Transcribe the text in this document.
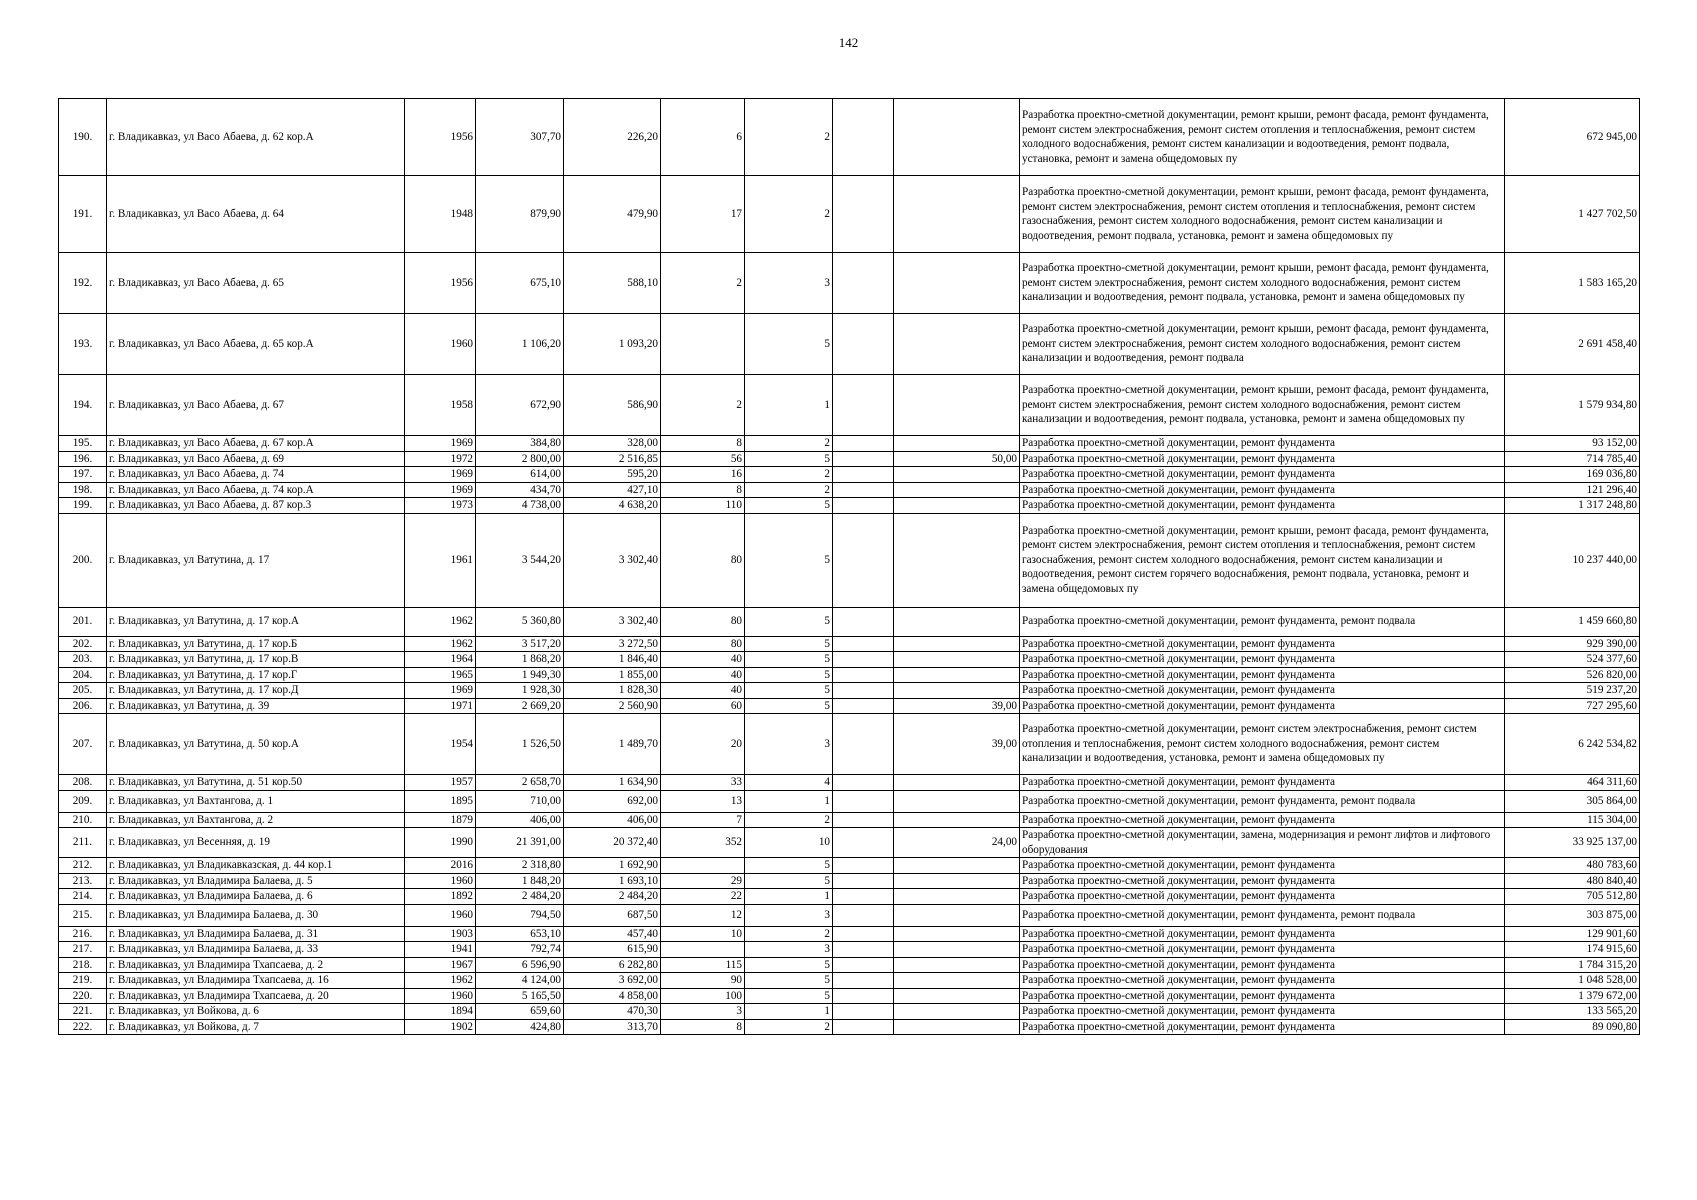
142
190.	г. Владикавказ, ул Васо Абаева, д. 62 кор.А	1956	307,70	226,20	6	2			Разработка проектно-сметной документации, ремонт крыши, ремонт фасада, ремонт фундамента, ремонт систем электроснабжения, ремонт систем отопления и теплоснабжения, ремонт систем холодного водоснабжения, ремонт систем канализации и водоотведения, ремонт подвала, установка, ремонт и замена общедомовых пу	672 945,00
191.	г. Владикавказ, ул Васо Абаева, д. 64	1948	879,90	479,90	17	2			Разработка проектно-сметной документации, ремонт крыши, ремонт фасада, ремонт фундамента, ремонт систем электроснабжения, ремонт систем отопления и теплоснабжения, ремонт систем газоснабжения, ремонт систем холодного водоснабжения, ремонт систем канализации и водоотведения, ремонт подвала, установка, ремонт и замена общедомовых пу	1 427 702,50
192.	г. Владикавказ, ул Васо Абаева, д. 65	1956	675,10	588,10	2	3			Разработка проектно-сметной документации, ремонт крыши, ремонт фасада, ремонт фундамента, ремонт систем электроснабжения, ремонт систем холодного водоснабжения, ремонт систем канализации и водоотведения, ремонт подвала, установка, ремонт и замена общедомовых пу	1 583 165,20
193.	г. Владикавказ, ул Васо Абаева, д. 65 кор.А	1960	1 106,20	1 093,20		5			Разработка проектно-сметной документации, ремонт крыши, ремонт фасада, ремонт фундамента, ремонт систем электроснабжения, ремонт систем холодного водоснабжения, ремонт систем канализации и водоотведения, ремонт подвала	2 691 458,40
194.	г. Владикавказ, ул Васо Абаева, д. 67	1958	672,90	586,90	2	1			Разработка проектно-сметной документации, ремонт крыши, ремонт фасада, ремонт фундамента, ремонт систем электроснабжения, ремонт систем холодного водоснабжения, ремонт систем канализации и водоотведения, ремонт подвала, установка, ремонт и замена общедомовых пу	1 579 934,80
195.	г. Владикавказ, ул Васо Абаева, д. 67 кор.А	1969	384,80	328,00	8	2			Разработка проектно-сметной документации, ремонт фундамента	93 152,00
196.	г. Владикавказ, ул Васо Абаева, д. 69	1972	2 800,00	2 516,85	56	5		50,00	Разработка проектно-сметной документации, ремонт фундамента	714 785,40
197.	г. Владикавказ, ул Васо Абаева, д. 74	1969	614,00	595,20	16	2			Разработка проектно-сметной документации, ремонт фундамента	169 036,80
198.	г. Владикавказ, ул Васо Абаева, д. 74 кор.А	1969	434,70	427,10	8	2			Разработка проектно-сметной документации, ремонт фундамента	121 296,40
199.	г. Владикавказ, ул Васо Абаева, д. 87 кор.3	1973	4 738,00	4 638,20	110	5			Разработка проектно-сметной документации, ремонт фундамента	1 317 248,80
200.	г. Владикавказ, ул Ватутина, д. 17	1961	3 544,20	3 302,40	80	5			Разработка проектно-сметной документации, ремонт крыши, ремонт фасада, ремонт фундамента, ремонт систем электроснабжения, ремонт систем отопления и теплоснабжения, ремонт систем газоснабжения, ремонт систем холодного водоснабжения, ремонт систем канализации и водоотведения, ремонт систем горячего водоснабжения, ремонт подвала, установка, ремонт и замена общедомовых пу	10 237 440,00
201.	г. Владикавказ, ул Ватутина, д. 17 кор.А	1962	5 360,80	3 302,40	80	5			Разработка проектно-сметной документации, ремонт фундамента, ремонт подвала	1 459 660,80
202.	г. Владикавказ, ул Ватутина, д. 17 кор.Б	1962	3 517,20	3 272,50	80	5			Разработка проектно-сметной документации, ремонт фундамента	929 390,00
203.	г. Владикавказ, ул Ватутина, д. 17 кор.В	1964	1 868,20	1 846,40	40	5			Разработка проектно-сметной документации, ремонт фундамента	524 377,60
204.	г. Владикавказ, ул Ватутина, д. 17 кор.Г	1965	1 949,30	1 855,00	40	5			Разработка проектно-сметной документации, ремонт фундамента	526 820,00
205.	г. Владикавказ, ул Ватутина, д. 17 кор.Д	1969	1 928,30	1 828,30	40	5			Разработка проектно-сметной документации, ремонт фундамента	519 237,20
206.	г. Владикавказ, ул Ватутина, д. 39	1971	2 669,20	2 560,90	60	5		39,00	Разработка проектно-сметной документации, ремонт фундамента	727 295,60
207.	г. Владикавказ, ул Ватутина, д. 50 кор.А	1954	1 526,50	1 489,70	20	3		39,00	Разработка проектно-сметной документации, ремонт систем электроснабжения, ремонт систем отопления и теплоснабжения, ремонт систем холодного водоснабжения, ремонт систем канализации и водоотведения, установка, ремонт и замена общедомовых пу	6 242 534,82
208.	г. Владикавказ, ул Ватутина, д. 51 кор.50	1957	2 658,70	1 634,90	33	4			Разработка проектно-сметной документации, ремонт фундамента	464 311,60
209.	г. Владикавказ, ул Вахтангова, д. 1	1895	710,00	692,00	13	1			Разработка проектно-сметной документации, ремонт фундамента, ремонт подвала	305 864,00
210.	г. Владикавказ, ул Вахтангова, д. 2	1879	406,00	406,00	7	2			Разработка проектно-сметной документации, ремонт фундамента	115 304,00
211.	г. Владикавказ, ул Весенняя, д. 19	1990	21 391,00	20 372,40	352	10		24,00	Разработка проектно-сметной документации, замена, модернизация и ремонт лифтов и лифтового оборудования	33 925 137,00
212.	г. Владикавказ, ул Владикавказская, д. 44 кор.1	2016	2 318,80	1 692,90		5			Разработка проектно-сметной документации, ремонт фундамента	480 783,60
213.	г. Владикавказ, ул Владимира Балаева, д. 5	1960	1 848,20	1 693,10	29	5			Разработка проектно-сметной документации, ремонт фундамента	480 840,40
214.	г. Владикавказ, ул Владимира Балаева, д. 6	1892	2 484,20	2 484,20	22	1			Разработка проектно-сметной документации, ремонт фундамента	705 512,80
215.	г. Владикавказ, ул Владимира Балаева, д. 30	1960	794,50	687,50	12	3			Разработка проектно-сметной документации, ремонт фундамента, ремонт подвала	303 875,00
216.	г. Владикавказ, ул Владимира Балаева, д. 31	1903	653,10	457,40	10	2			Разработка проектно-сметной документации, ремонт фундамента	129 901,60
217.	г. Владикавказ, ул Владимира Балаева, д. 33	1941	792,74	615,90		3			Разработка проектно-сметной документации, ремонт фундамента	174 915,60
218.	г. Владикавказ, ул Владимира Тхапсаева, д. 2	1967	6 596,90	6 282,80	115	5			Разработка проектно-сметной документации, ремонт фундамента	1 784 315,20
219.	г. Владикавказ, ул Владимира Тхапсаева, д. 16	1962	4 124,00	3 692,00	90	5			Разработка проектно-сметной документации, ремонт фундамента	1 048 528,00
220.	г. Владикавказ, ул Владимира Тхапсаева, д. 20	1960	5 165,50	4 858,00	100	5			Разработка проектно-сметной документации, ремонт фундамента	1 379 672,00
221.	г. Владикавказ, ул Войкова, д. 6	1894	659,60	470,30	3	1			Разработка проектно-сметной документации, ремонт фундамента	133 565,20
222.	г. Владикавказ, ул Войкова, д. 7	1902	424,80	313,70	8	2			Разработка проектно-сметной документации, ремонт фундамента	89 090,80
